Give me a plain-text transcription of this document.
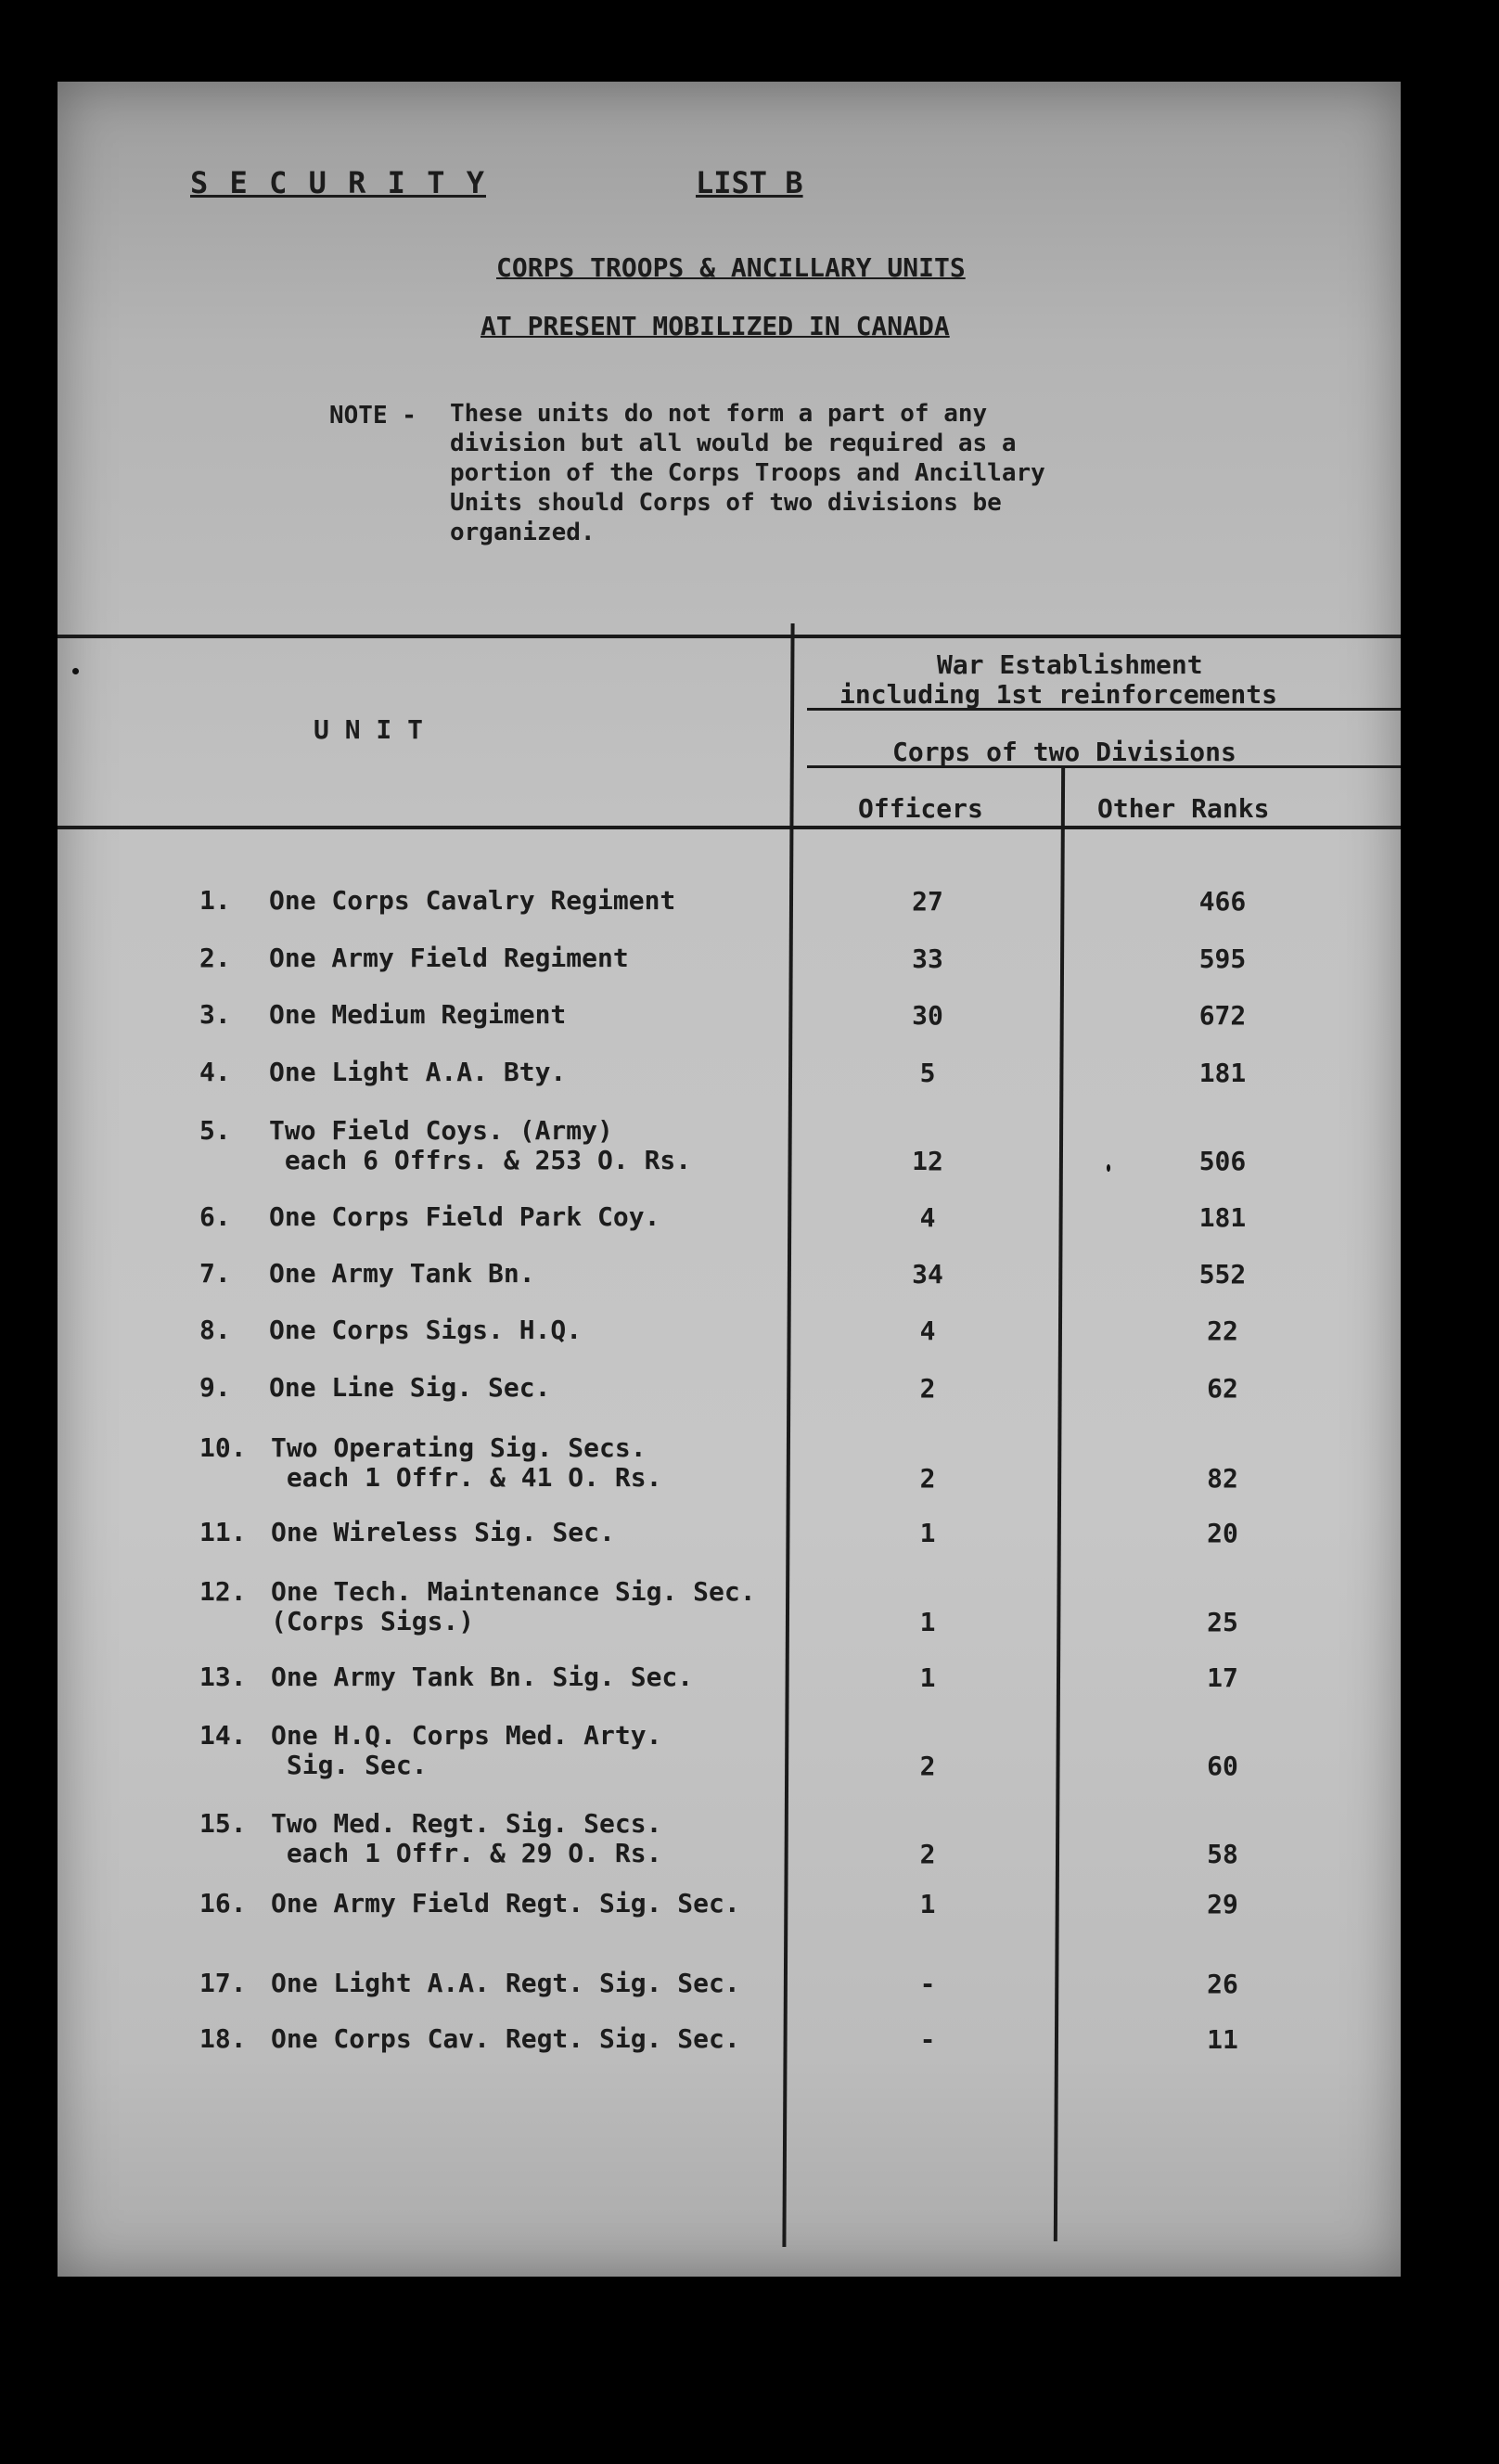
S E C U R I T Y	LIST B
CORPS TROOPS & ANCILLARY UNITS
AT PRESENT MOBILIZED IN CANADA
NOTE - These units do not form a part of any
division but all would be required as a
portion of the Corps Troops and Ancillary
Units should Corps of two divisions be
organized.
U N I T
War Establishment
including 1st reinforcements
Corps of two Divisions
Officers	Other Ranks
1. One Corps Cavalry Regiment	27	466
2. One Army Field Regiment	33	595
3. One Medium Regiment	30	672
4. One Light A.A. Bty.	5	181
5. Two Field Coys. (Army)
each 6 Offrs. & 253 O. Rs.	12	506
6. One Corps Field Park Coy.	4	181
7. One Army Tank Bn.	34	552
8. One Corps Sigs. H.Q.	4	22
9. One Line Sig. Sec.	2	62
10. Two Operating Sig. Secs.
each 1 Offr. & 41 O. Rs.	2	82
11. One Wireless Sig. Sec.	1	20
12. One Tech. Maintenance Sig. Sec.
(Corps Sigs.)	1	25
13. One Army Tank Bn. Sig. Sec.	1	17
14. One H.Q. Corps Med. Arty.
Sig. Sec.	2	60
15. Two Med. Regt. Sig. Secs.
each 1 Offr. & 29 O. Rs.	2	58
16. One Army Field Regt. Sig. Sec.	1	29
17. One Light A.A. Regt. Sig. Sec.	-	26
18. One Corps Cav. Regt. Sig. Sec.	-	11
